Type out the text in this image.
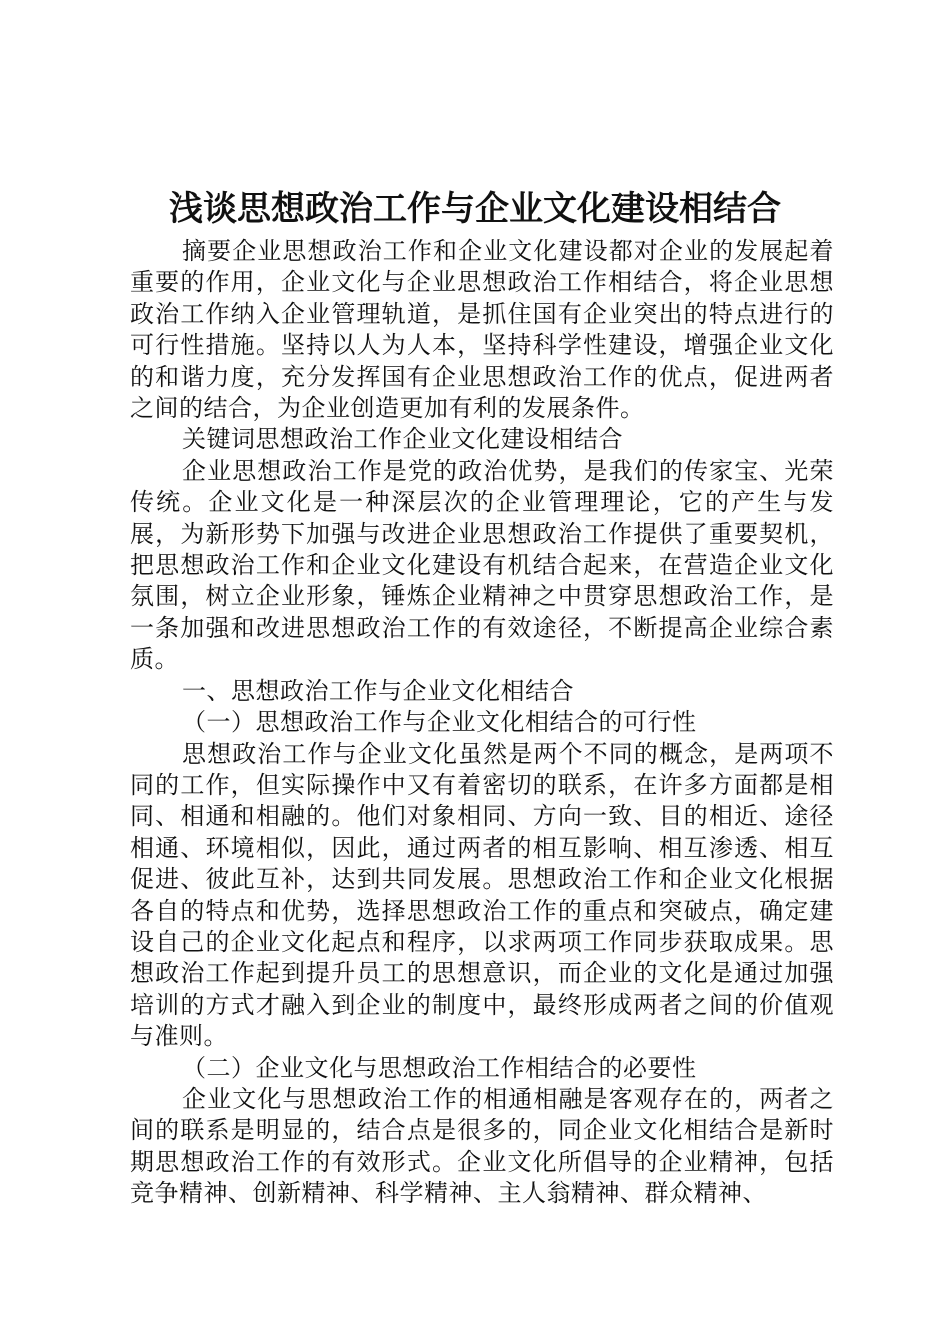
浅谈思想政治工作与企业文化建设相结合

摘要企业思想政治工作和企业文化建设都对企业的发展起着重要的作用，企业文化与企业思想政治工作相结合，将企业思想政治工作纳入企业管理轨道，是抓住国有企业突出的特点进行的可行性措施。坚持以人为人本，坚持科学性建设，增强企业文化的和谐力度，充分发挥国有企业思想政治工作的优点，促进两者之间的结合，为企业创造更加有利的发展条件。

关键词思想政治工作企业文化建设相结合

企业思想政治工作是党的政治优势，是我们的传家宝、光荣传统。企业文化是一种深层次的企业管理理论，它的产生与发展，为新形势下加强与改进企业思想政治工作提供了重要契机，把思想政治工作和企业文化建设有机结合起来，在营造企业文化氛围，树立企业形象，锤炼企业精神之中贯穿思想政治工作，是一条加强和改进思想政治工作的有效途径，不断提高企业综合素质。

一、思想政治工作与企业文化相结合

（一）思想政治工作与企业文化相结合的可行性

思想政治工作与企业文化虽然是两个不同的概念，是两项不同的工作，但实际操作中又有着密切的联系，在许多方面都是相同、相通和相融的。他们对象相同、方向一致、目的相近、途径相通、环境相似，因此，通过两者的相互影响、相互渗透、相互促进、彼此互补，达到共同发展。思想政治工作和企业文化根据各自的特点和优势，选择思想政治工作的重点和突破点，确定建设自己的企业文化起点和程序，以求两项工作同步获取成果。思想政治工作起到提升员工的思想意识，而企业的文化是通过加强培训的方式才融入到企业的制度中，最终形成两者之间的价值观与准则。

（二）企业文化与思想政治工作相结合的必要性

企业文化与思想政治工作的相通相融是客观存在的，两者之间的联系是明显的，结合点是很多的，同企业文化相结合是新时期思想政治工作的有效形式。企业文化所倡导的企业精神，包括竞争精神、创新精神、科学精神、主人翁精神、群众精神、
